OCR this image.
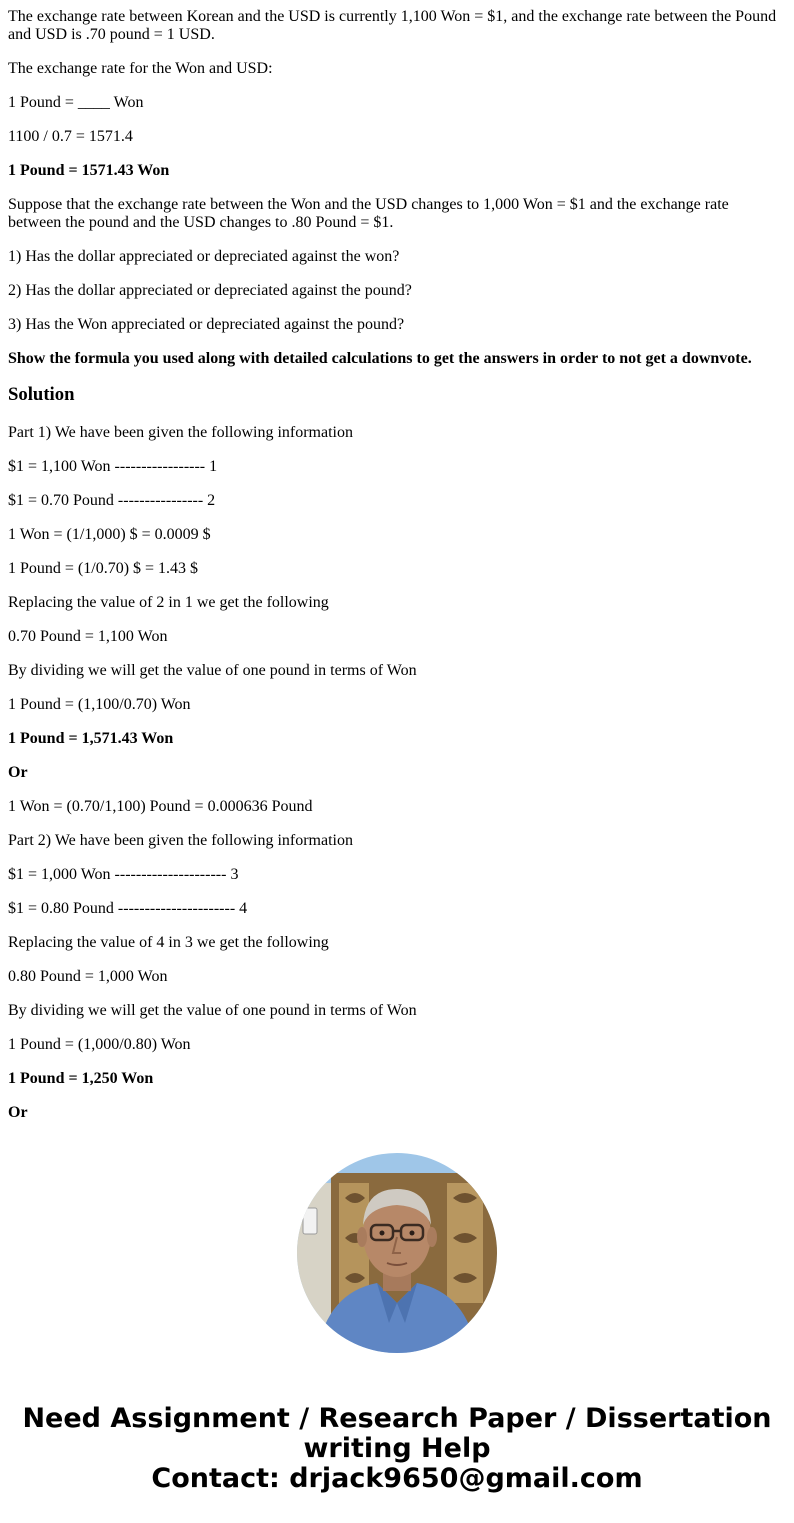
The exchange rate between Korean and the USD is currently 1,100 Won = $1, and the exchange rate between the Pound and USD is .70 pound = 1 USD.

The exchange rate for the Won and USD:

1 Pound = ____ Won

1100 / 0.7 = 1571.4

1 Pound = 1571.43 Won

Suppose that the exchange rate between the Won and the USD changes to 1,000 Won = $1 and the exchange rate between the pound and the USD changes to .80 Pound = $1.

1) Has the dollar appreciated or depreciated against the won?

2) Has the dollar appreciated or depreciated against the pound?

3) Has the Won appreciated or depreciated against the pound?

Show the formula you used along with detailed calculations to get the answers in order to not get a downvote.

Solution

Part 1) We have been given the following information

$1 = 1,100 Won ----------------- 1

$1 = 0.70 Pound ---------------- 2

1 Won = (1/1,000) $ = 0.0009 $

1 Pound = (1/0.70) $ = 1.43 $

Replacing the value of 2 in 1 we get the following

0.70 Pound = 1,100 Won

By dividing we will get the value of one pound in terms of Won

1 Pound = (1,100/0.70) Won

1 Pound = 1,571.43 Won

Or

1 Won = (0.70/1,100) Pound = 0.000636 Pound

Part 2) We have been given the following information

$1 = 1,000 Won --------------------- 3

$1 = 0.80 Pound ---------------------- 4

Replacing the value of 4 in 3 we get the following

0.80 Pound = 1,000 Won

By dividing we will get the value of one pound in terms of Won

1 Pound = (1,000/0.80) Won

1 Pound = 1,250 Won

Or

Need Assignment / Research Paper / Dissertation
writing Help
Contact: drjack9650@gmail.com
